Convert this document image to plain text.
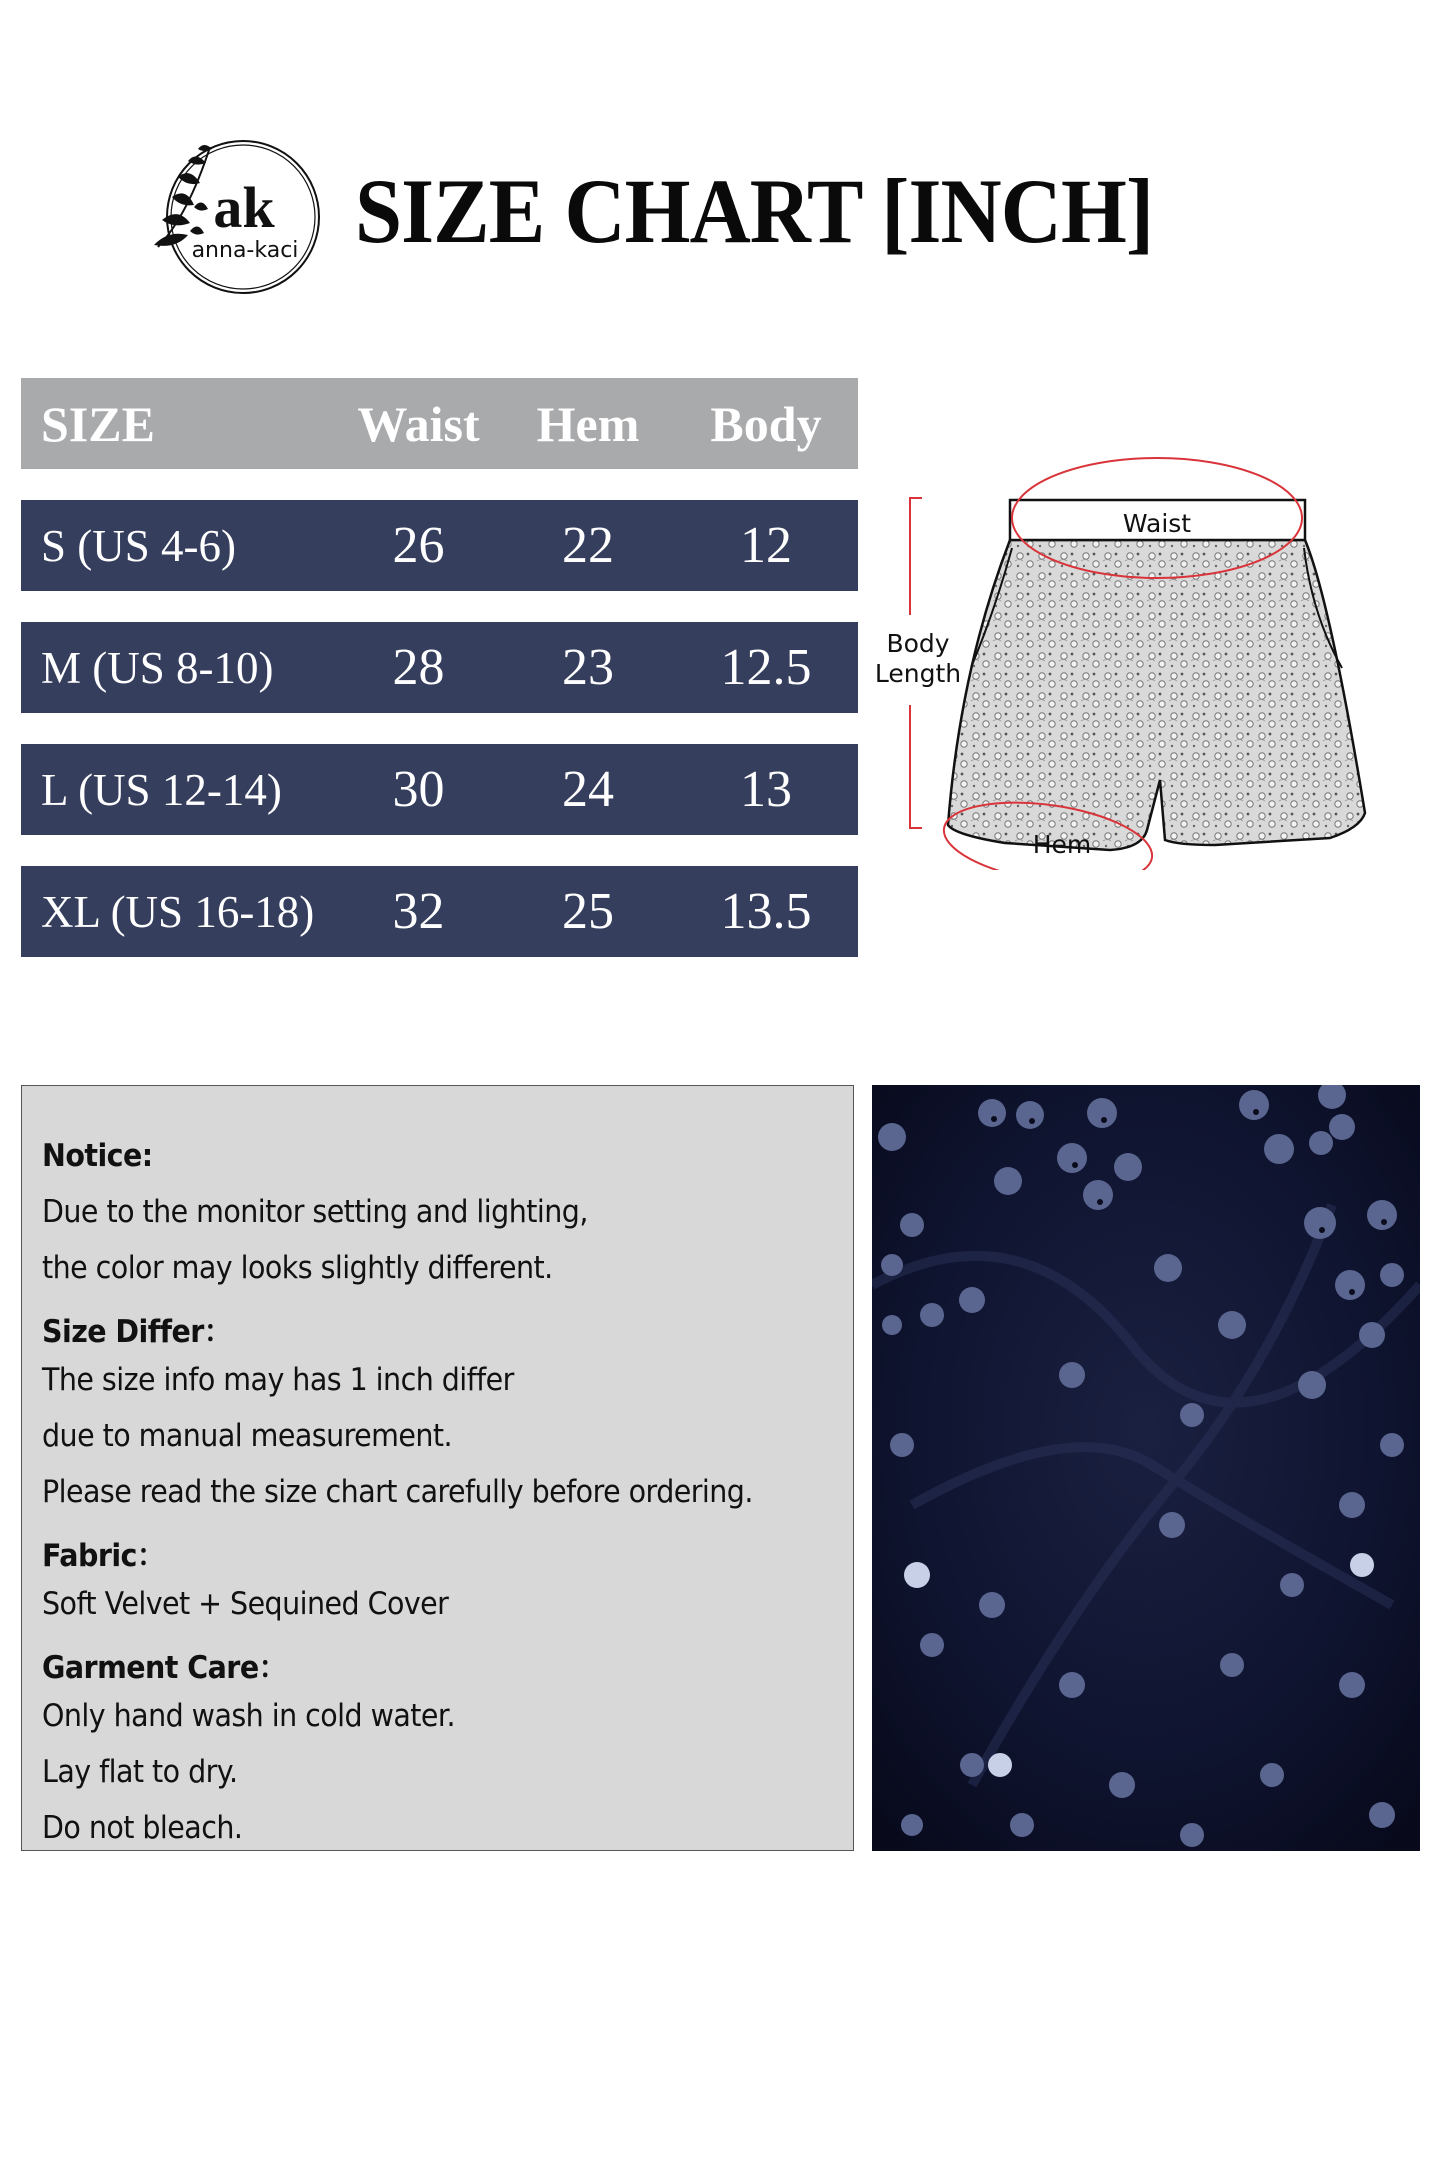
ak
anna-kaci SIZE CHART [INCH]
SIZE	Waist	Hem	Body
S (US 4-6)	26	22	12
M (US 8-10)	28	23	12.5
L (US 12-14)	30	24	13
XL (US 16-18)	32	25	13.5
Body
Length
Waist
Hem
Notice:
Due to the monitor setting and lighting,
the color may looks slightly different.
Size Differ：
The size info may has 1 inch differ
due to manual measurement.
Please read the size chart carefully before ordering.
Fabric：
Soft Velvet + Sequined Cover
Garment Care：
Only hand wash in cold water.
Lay flat to dry.
Do not bleach.
